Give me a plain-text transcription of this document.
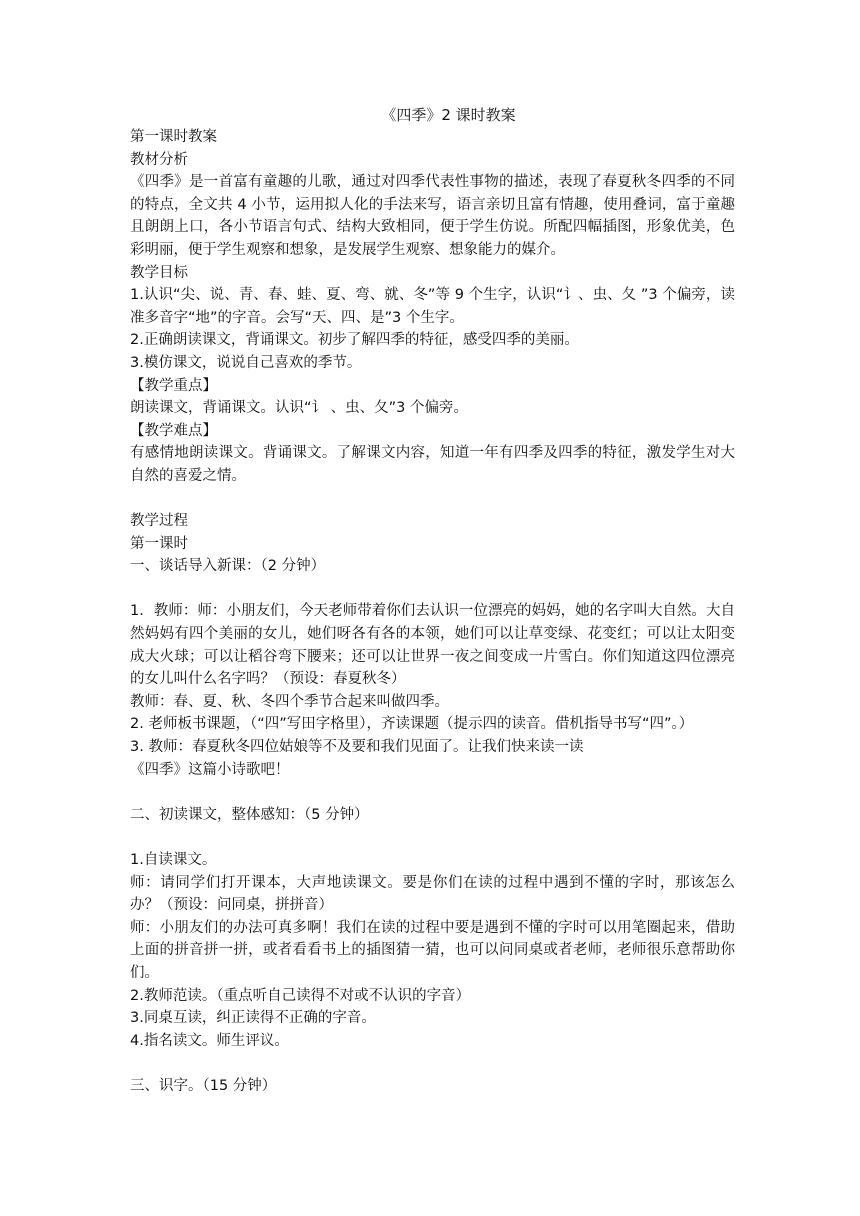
《四季》2 课时教案
第一课时教案
教材分析
《四季》是一首富有童趣的儿歌，通过对四季代表性事物的描述，表现了春夏秋冬四季的不同的特点，全文共 4 小节，运用拟人化的手法来写，语言亲切且富有情趣，使用叠词，富于童趣且朗朗上口，各小节语言句式、结构大致相同，便于学生仿说。所配四幅插图，形象优美，色彩明丽，便于学生观察和想象，是发展学生观察、想象能力的媒介。
教学目标
1.认识“尖、说、青、春、蛙、夏、弯、就、冬”等 9 个生字，认识“讠、虫、夂 ”3 个偏旁，读准多音字“地”的字音。会写“天、四、是”3 个生字。
2.正确朗读课文，背诵课文。初步了解四季的特征，感受四季的美丽。
3.模仿课文，说说自己喜欢的季节。
【教学重点】
朗读课文，背诵课文。认识“讠 、虫、夂”3 个偏旁。
【教学难点】
有感情地朗读课文。背诵课文。了解课文内容，知道一年有四季及四季的特征，激发学生对大自然的喜爱之情。
教学过程
第一课时
一、谈话导入新课：（2 分钟）
1．教师：师：小朋友们，今天老师带着你们去认识一位漂亮的妈妈，她的名字叫大自然。大自然妈妈有四个美丽的女儿，她们呀各有各的本领，她们可以让草变绿、花变红；可以让太阳变成大火球；可以让稻谷弯下腰来；还可以让世界一夜之间变成一片雪白。你们知道这四位漂亮的女儿叫什么名字吗？（预设：春夏秋冬）
教师：春、夏、秋、冬四个季节合起来叫做四季。
2. 老师板书课题，（“四”写田字格里），齐读课题（提示四的读音。借机指导书写“四”。）
3. 教师：春夏秋冬四位姑娘等不及要和我们见面了。让我们快来读一读
《四季》这篇小诗歌吧！
二、初读课文，整体感知：（5 分钟）
1.自读课文。
师：请同学们打开课本，大声地读课文。要是你们在读的过程中遇到不懂的字时，那该怎么办？（预设：问同桌，拼拼音）
师：小朋友们的办法可真多啊！我们在读的过程中要是遇到不懂的字时可以用笔圈起来，借助上面的拼音拼一拼，或者看看书上的插图猜一猜，也可以问同桌或者老师，老师很乐意帮助你们。
2.教师范读。（重点听自己读得不对或不认识的字音）
3.同桌互读，纠正读得不正确的字音。
4.指名读文。师生评议。
三、识字。（15 分钟）
